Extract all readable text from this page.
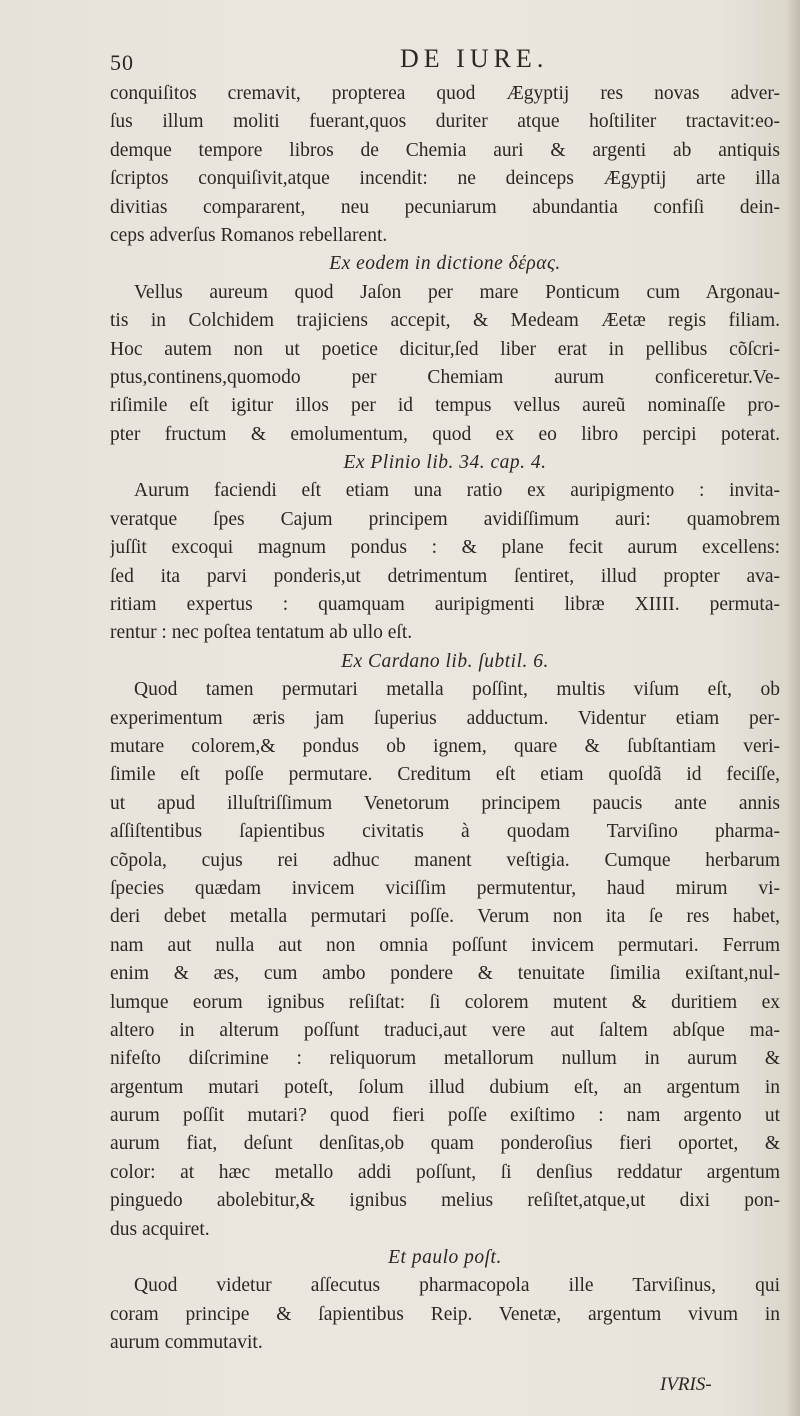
50	DE IURE.
conquiſitos cremavit, propterea quod Ægyptij res novas adver-
ſus illum moliti fuerant,quos duriter atque hoſtiliter tractavit:eo-
demque tempore libros de Chemia auri & argenti ab antiquis
ſcriptos conquiſivit,atque incendit: ne deinceps Ægyptij arte illa
divitias compararent, neu pecuniarum abundantia confiſi dein-
ceps adverſus Romanos rebellarent.
Ex eodem in dictione δέρας.
Vellus aureum quod Jaſon per mare Ponticum cum Argonau-
tis in Colchidem trajiciens accepit, & Medeam Æetæ regis filiam.
Hoc autem non ut poetice dicitur,ſed liber erat in pellibus cõſcri-
ptus,continens,quomodo per Chemiam aurum conficeretur.Ve-
riſimile eſt igitur illos per id tempus vellus aureũ nominaſſe pro-
pter fructum & emolumentum, quod ex eo libro percipi poterat.
Ex Plinio lib. 34. cap. 4.
Aurum faciendi eſt etiam una ratio ex auripigmento : invita-
veratque ſpes Cajum principem avidiſſimum auri: quamobrem
juſſit excoqui magnum pondus : & plane fecit aurum excellens:
ſed ita parvi ponderis,ut detrimentum ſentiret, illud propter ava-
ritiam expertus : quamquam auripigmenti libræ XIIII. permuta-
rentur : nec poſtea tentatum ab ullo eſt.
Ex Cardano lib. ſubtil. 6.
Quod tamen permutari metalla poſſint, multis viſum eſt, ob
experimentum æris jam ſuperius adductum. Videntur etiam per-
mutare colorem,& pondus ob ignem, quare & ſubſtantiam veri-
ſimile eſt poſſe permutare. Creditum eſt etiam quoſdã id feciſſe,
ut apud illuſtriſſimum Venetorum principem paucis ante annis
aſſiſtentibus ſapientibus civitatis à quodam Tarviſino pharma-
cõpola, cujus rei adhuc manent veſtigia. Cumque herbarum
ſpecies quædam invicem viciſſim permutentur, haud mirum vi-
deri debet metalla permutari poſſe. Verum non ita ſe res habet,
nam aut nulla aut non omnia poſſunt invicem permutari. Ferrum
enim & æs, cum ambo pondere & tenuitate ſimilia exiſtant,nul-
lumque eorum ignibus reſiſtat: ſi colorem mutent & duritiem ex
altero in alterum poſſunt traduci,aut vere aut ſaltem abſque ma-
nifeſto diſcrimine : reliquorum metallorum nullum in aurum &
argentum mutari poteſt, ſolum illud dubium eſt, an argentum in
aurum poſſit mutari? quod fieri poſſe exiſtimo : nam argento ut
aurum fiat, deſunt denſitas,ob quam ponderoſius fieri oportet, &
color: at hæc metallo addi poſſunt, ſi denſius reddatur argentum
pinguedo abolebitur,& ignibus melius reſiſtet,atque,ut dixi pon-
dus acquiret.
Et paulo poſt.
Quod videtur aſſecutus pharmacopola ille Tarviſinus, qui
coram principe & ſapientibus Reip. Venetæ, argentum vivum in
aurum commutavit.
IVRIS-
